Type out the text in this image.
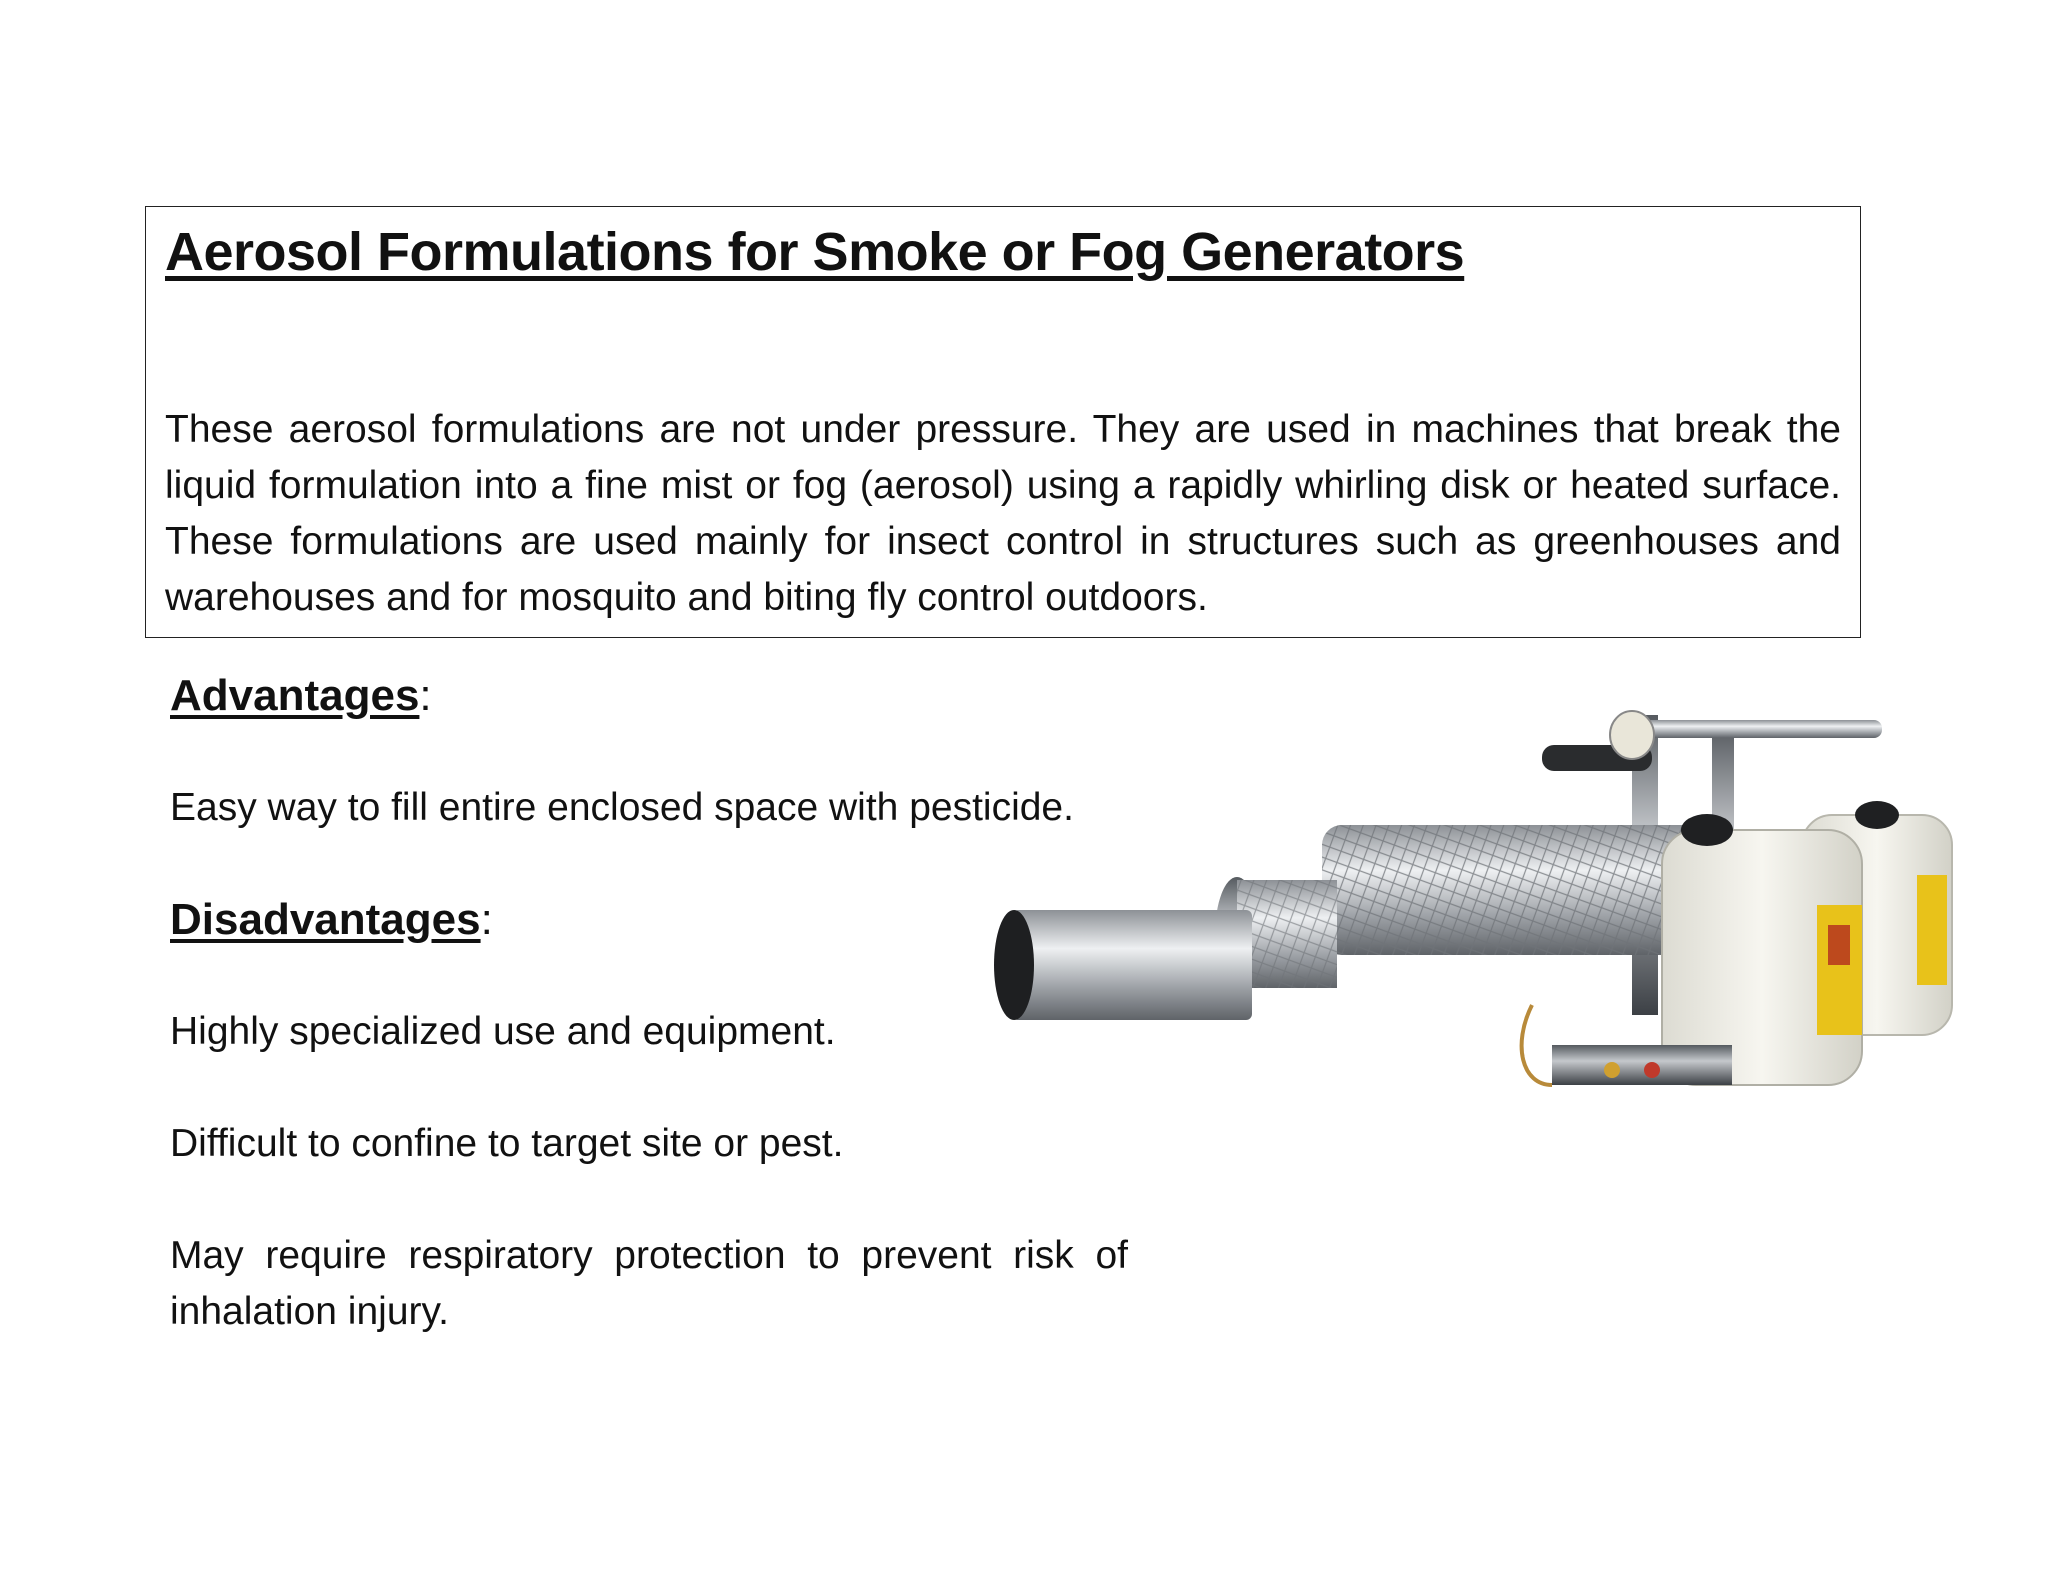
Aerosol Formulations for Smoke or Fog Generators

These aerosol formulations are not under pressure. They are used in machines that break the liquid formulation into a fine mist or fog (aerosol) using a rapidly whirling disk or heated surface. These formulations are used mainly for insect control in structures such as greenhouses and warehouses and for mosquito and biting fly control outdoors.

Advantages:

Easy way to fill entire enclosed space with pesticide.

Disadvantages:

Highly specialized use and equipment.

Difficult to confine to target site or pest.

May require respiratory protection to prevent risk of inhalation injury.
